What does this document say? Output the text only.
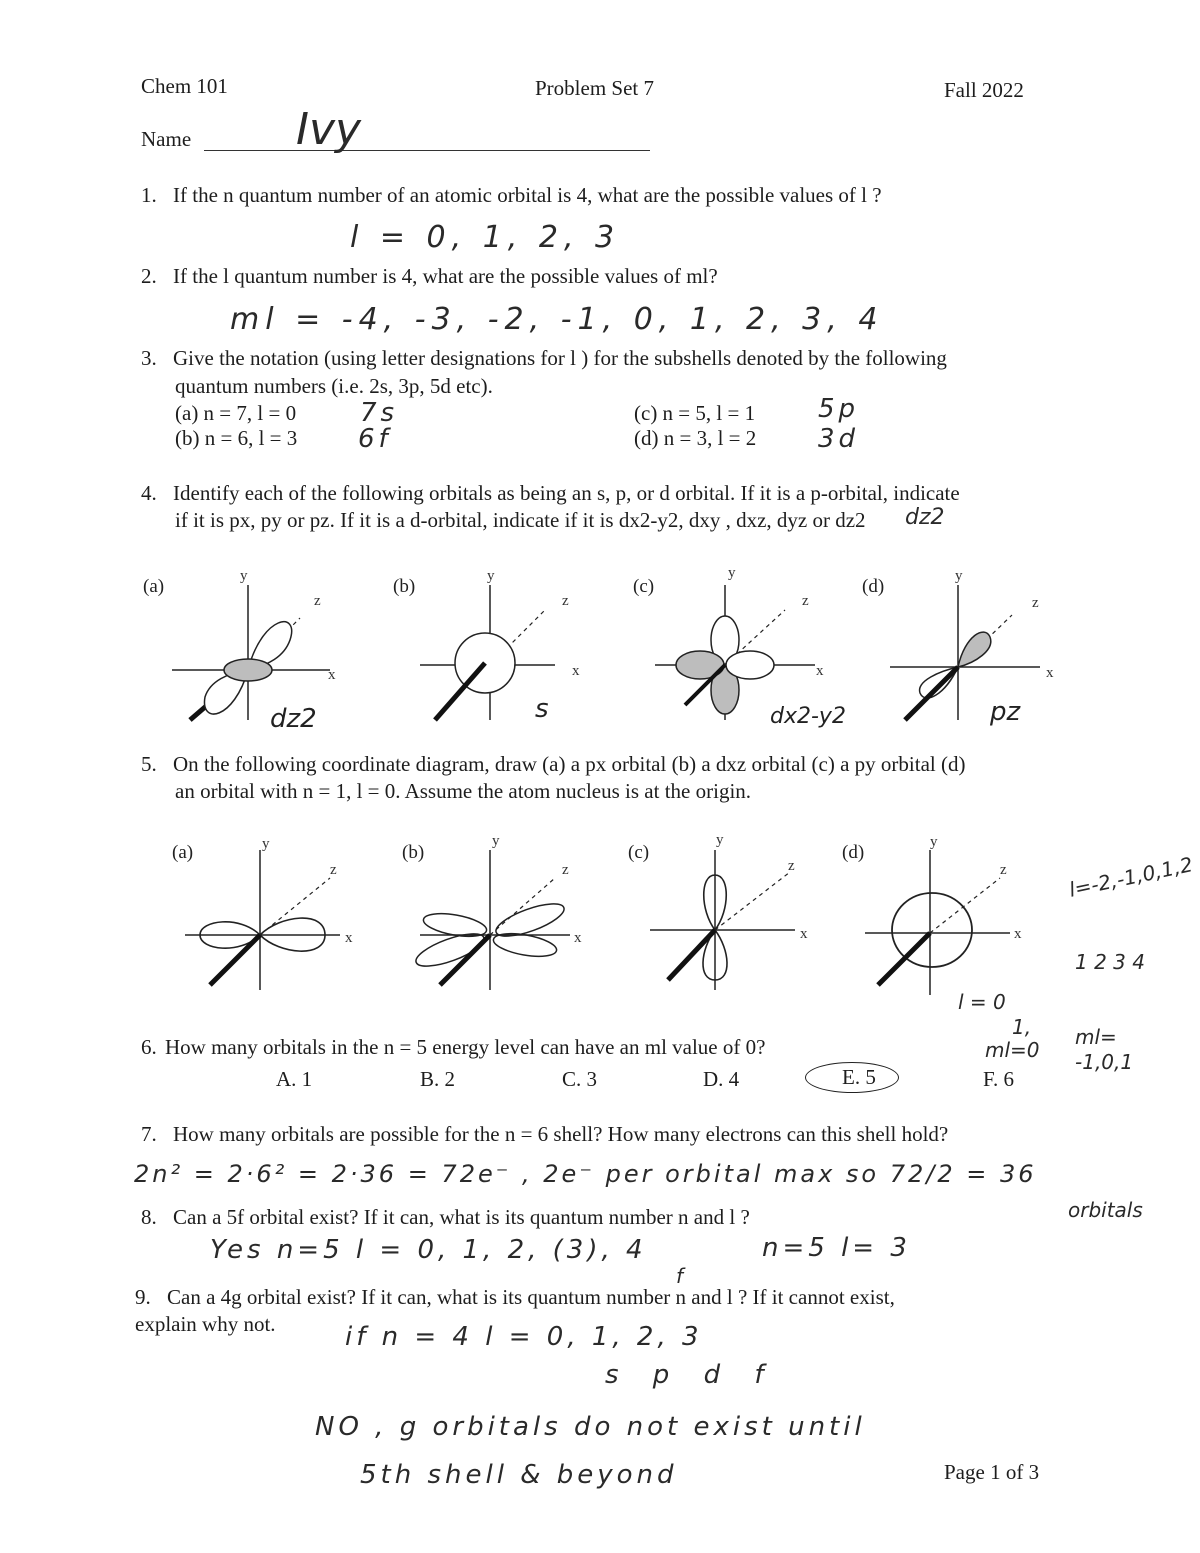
Chem 101	Problem Set 7	Fall 2022
Name Ivy
1. If the n quantum number of an atomic orbital is 4, what are the possible values of l ?
l = 0, 1, 2, 3
2. If the l quantum number is 4, what are the possible values of ml?
ml = -4, -3, -2, -1, 0, 1, 2, 3, 4
3. Give the notation (using letter designations for l ) for the subshells denoted by the following
quantum numbers (i.e. 2s, 3p, 5d etc).
(a) n = 7, l = 0 7s
(b) n = 6, l = 3 6f
(c) n = 5, l = 1 5p
(d) n = 3, l = 2 3d
4. Identify each of the following orbitals as being an s, p, or d orbital. If it is a p-orbital, indicate
if it is px, py or pz. If it is a d-orbital, indicate if it is dx2-y2, dxy , dxz, dyz or dz2 dz2
(a)	y
z
x
dz2
(b)	y
z
x
s
(c)
y
z
x
dx2-y2
(d)	y
z
x
pz
5. On the following coordinate diagram, draw (a) a px orbital (b) a dxz orbital (c) a py orbital (d)
an orbital with n = 1, l = 0. Assume the atom nucleus is at the origin.
(a)	y
z
x
(b)
y
z
x
(c)
y
z
x
(d)	y
z
x
l=-2,-1,0,1,2
1 2 3 4
l = 0
1,
ml=0
ml=
-1,0,1
6. How many orbitals in the n = 5 energy level can have an ml value of 0?
A. 1	B. 2	C. 3	D. 4	E. 5	F. 6
7. How many orbitals are possible for the n = 6 shell? How many electrons can this shell hold?
2n² = 2·6² = 2·36 = 72e⁻ , 2e⁻ per orbital max so 72/2 = 36
orbitals
8. Can a 5f orbital exist? If it can, what is its quantum number n and l ?
Yes n=5 l = 0, 1, 2, (3), 4
f
n=5 l= 3
9. Can a 4g orbital exist? If it can, what is its quantum number n and l ? If it cannot exist,
explain why not.	if n = 4 l = 0, 1, 2, 3
s p d f
NO , g orbitals do not exist until
5th shell & beyond	Page 1 of 3
